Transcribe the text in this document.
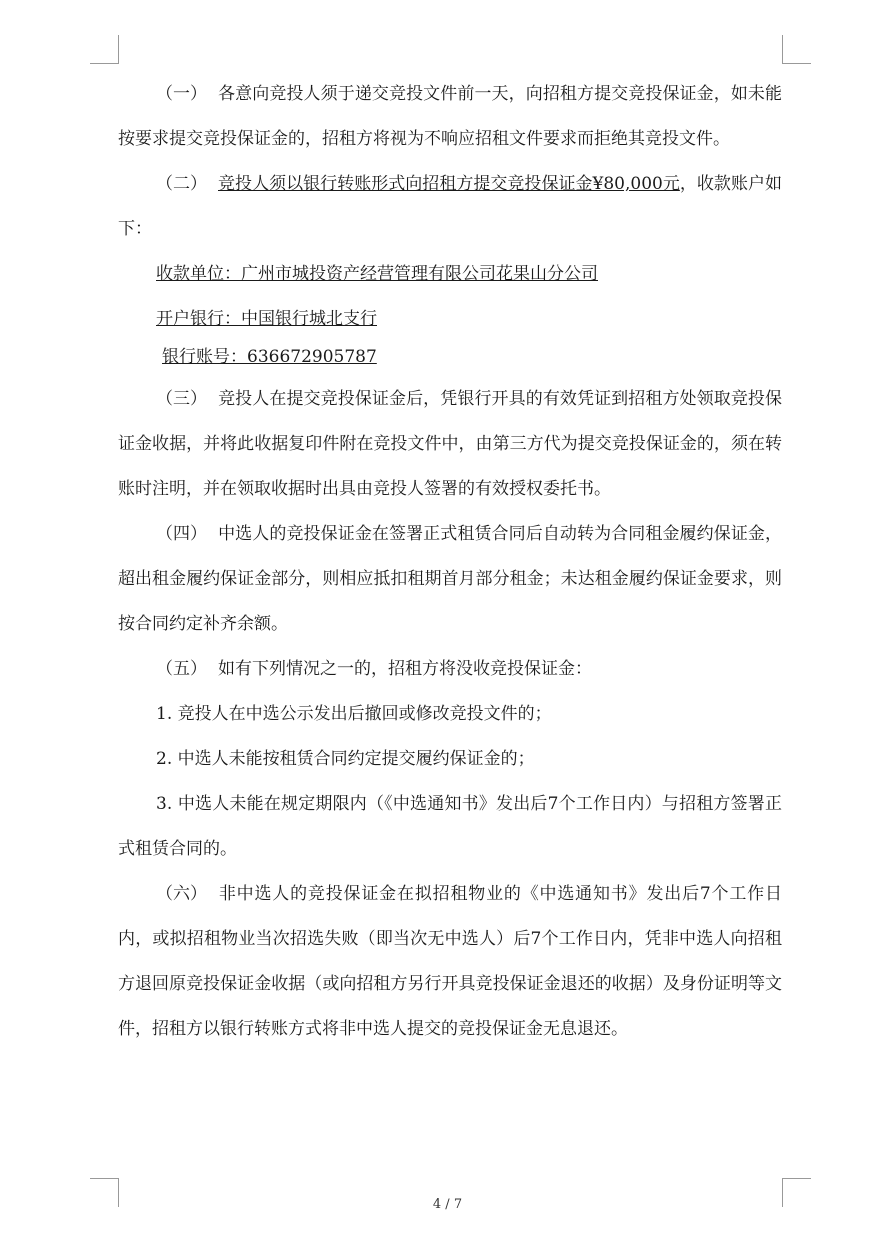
（一） 各意向竞投人须于递交竞投文件前一天，向招租方提交竞投保证金，如未能按要求提交竞投保证金的，招租方将视为不响应招租文件要求而拒绝其竞投文件。

（二） 竞投人须以银行转账形式向招租方提交竞投保证金¥80,000元，收款账户如下：

收款单位：广州市城投资产经营管理有限公司花果山分公司

开户银行：中国银行城北支行

银行账号：636672905787

（三） 竞投人在提交竞投保证金后，凭银行开具的有效凭证到招租方处领取竞投保证金收据，并将此收据复印件附在竞投文件中，由第三方代为提交竞投保证金的，须在转账时注明，并在领取收据时出具由竞投人签署的有效授权委托书。

（四） 中选人的竞投保证金在签署正式租赁合同后自动转为合同租金履约保证金，超出租金履约保证金部分，则相应抵扣租期首月部分租金；未达租金履约保证金要求，则按合同约定补齐余额。

（五） 如有下列情况之一的，招租方将没收竞投保证金：

1. 竞投人在中选公示发出后撤回或修改竞投文件的；

2. 中选人未能按租赁合同约定提交履约保证金的；

3. 中选人未能在规定期限内（《中选通知书》发出后7个工作日内）与招租方签署正式租赁合同的。

（六） 非中选人的竞投保证金在拟招租物业的《中选通知书》发出后7个工作日内，或拟招租物业当次招选失败（即当次无中选人）后7个工作日内，凭非中选人向招租方退回原竞投保证金收据（或向招租方另行开具竞投保证金退还的收据）及身份证明等文件，招租方以银行转账方式将非中选人提交的竞投保证金无息退还。

4 / 7
